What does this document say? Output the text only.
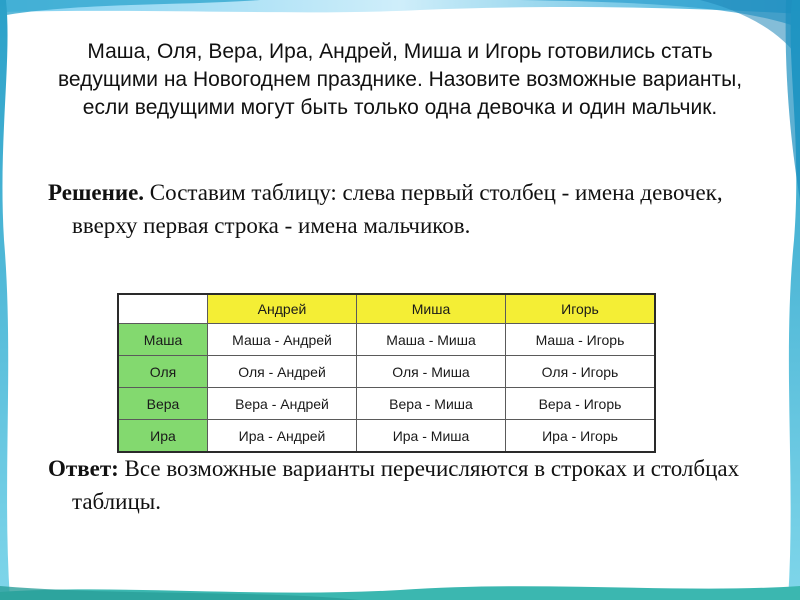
Маша, Оля, Вера, Ира, Андрей, Миша и Игорь готовились стать ведущими на Новогоднем празднике. Назовите возможные варианты, если ведущими могут быть только одна девочка и один мальчик.
Решение. Составим таблицу: слева первый столбец - имена девочек, вверху первая строка - имена мальчиков.
	Андрей	Миша	Игорь
Маша	Маша - Андрей	Маша - Миша	Маша - Игорь
Оля	Оля - Андрей	Оля - Миша	Оля - Игорь
Вера	Вера - Андрей	Вера - Миша	Вера - Игорь
Ира	Ира - Андрей	Ира - Миша	Ира - Игорь
Ответ: Все возможные варианты перечисляются в строках и столбцах таблицы.
